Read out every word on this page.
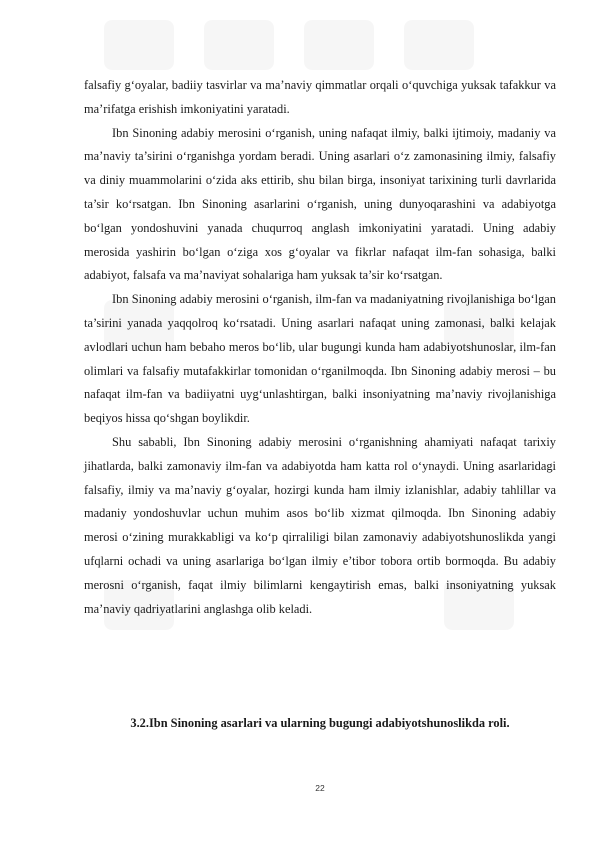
falsafiy g‘oyalar, badiiy tasvirlar va ma’naviy qimmatlar orqali o‘quvchiga yuksak tafakkur va ma’rifatga erishish imkoniyatini yaratadi.

Ibn Sinoning adabiy merosini o‘rganish, uning nafaqat ilmiy, balki ijtimoiy, madaniy va ma’naviy ta’sirini o‘rganishga yordam beradi. Uning asarlari o‘z zamonasining ilmiy, falsafiy va diniy muammolarini o‘zida aks ettirib, shu bilan birga, insoniyat tarixining turli davrlarida ta’sir ko‘rsatgan. Ibn Sinoning asarlarini o‘rganish, uning dunyoqarashini va adabiyotga bo‘lgan yondoshuvini yanada chuqurroq anglash imkoniyatini yaratadi. Uning adabiy merosida yashirin bo‘lgan o‘ziga xos g‘oyalar va fikrlar nafaqat ilm-fan sohasiga, balki adabiyot, falsafa va ma’naviyat sohalariga ham yuksak ta’sir ko‘rsatgan.

Ibn Sinoning adabiy merosini o‘rganish, ilm-fan va madaniyatning rivojlanishiga bo‘lgan ta’sirini yanada yaqqolroq ko‘rsatadi. Uning asarlari nafaqat uning zamonasi, balki kelajak avlodlari uchun ham bebaho meros bo‘lib, ular bugungi kunda ham adabiyotshunoslar, ilm-fan olimlari va falsafiy mutafakkirlar tomonidan o‘rganilmoqda. Ibn Sinoning adabiy merosi – bu nafaqat ilm-fan va badiiyatni uyg‘unlashtirgan, balki insoniyatning ma’naviy rivojlanishiga beqiyos hissa qo‘shgan boylikdir.

Shu sababli, Ibn Sinoning adabiy merosini o‘rganishning ahamiyati nafaqat tarixiy jihatlarda, balki zamonaviy ilm-fan va adabiyotda ham katta rol o‘ynaydi. Uning asarlaridagi falsafiy, ilmiy va ma’naviy g‘oyalar, hozirgi kunda ham ilmiy izlanishlar, adabiy tahlillar va madaniy yondoshuvlar uchun muhim asos bo‘lib xizmat qilmoqda. Ibn Sinoning adabiy merosi o‘zining murakkabligi va ko‘p qirraliligi bilan zamonaviy adabiyotshunoslikda yangi ufqlarni ochadi va uning asarlariga bo‘lgan ilmiy e’tibor tobora ortib bormoqda. Bu adabiy merosni o‘rganish, faqat ilmiy bilimlarni kengaytirish emas, balki insoniyatning yuksak ma’naviy qadriyatlarini anglashga olib keladi.

3.2.Ibn Sinoning asarlari va ularning bugungi adabiyotshunoslikda roli.
22
